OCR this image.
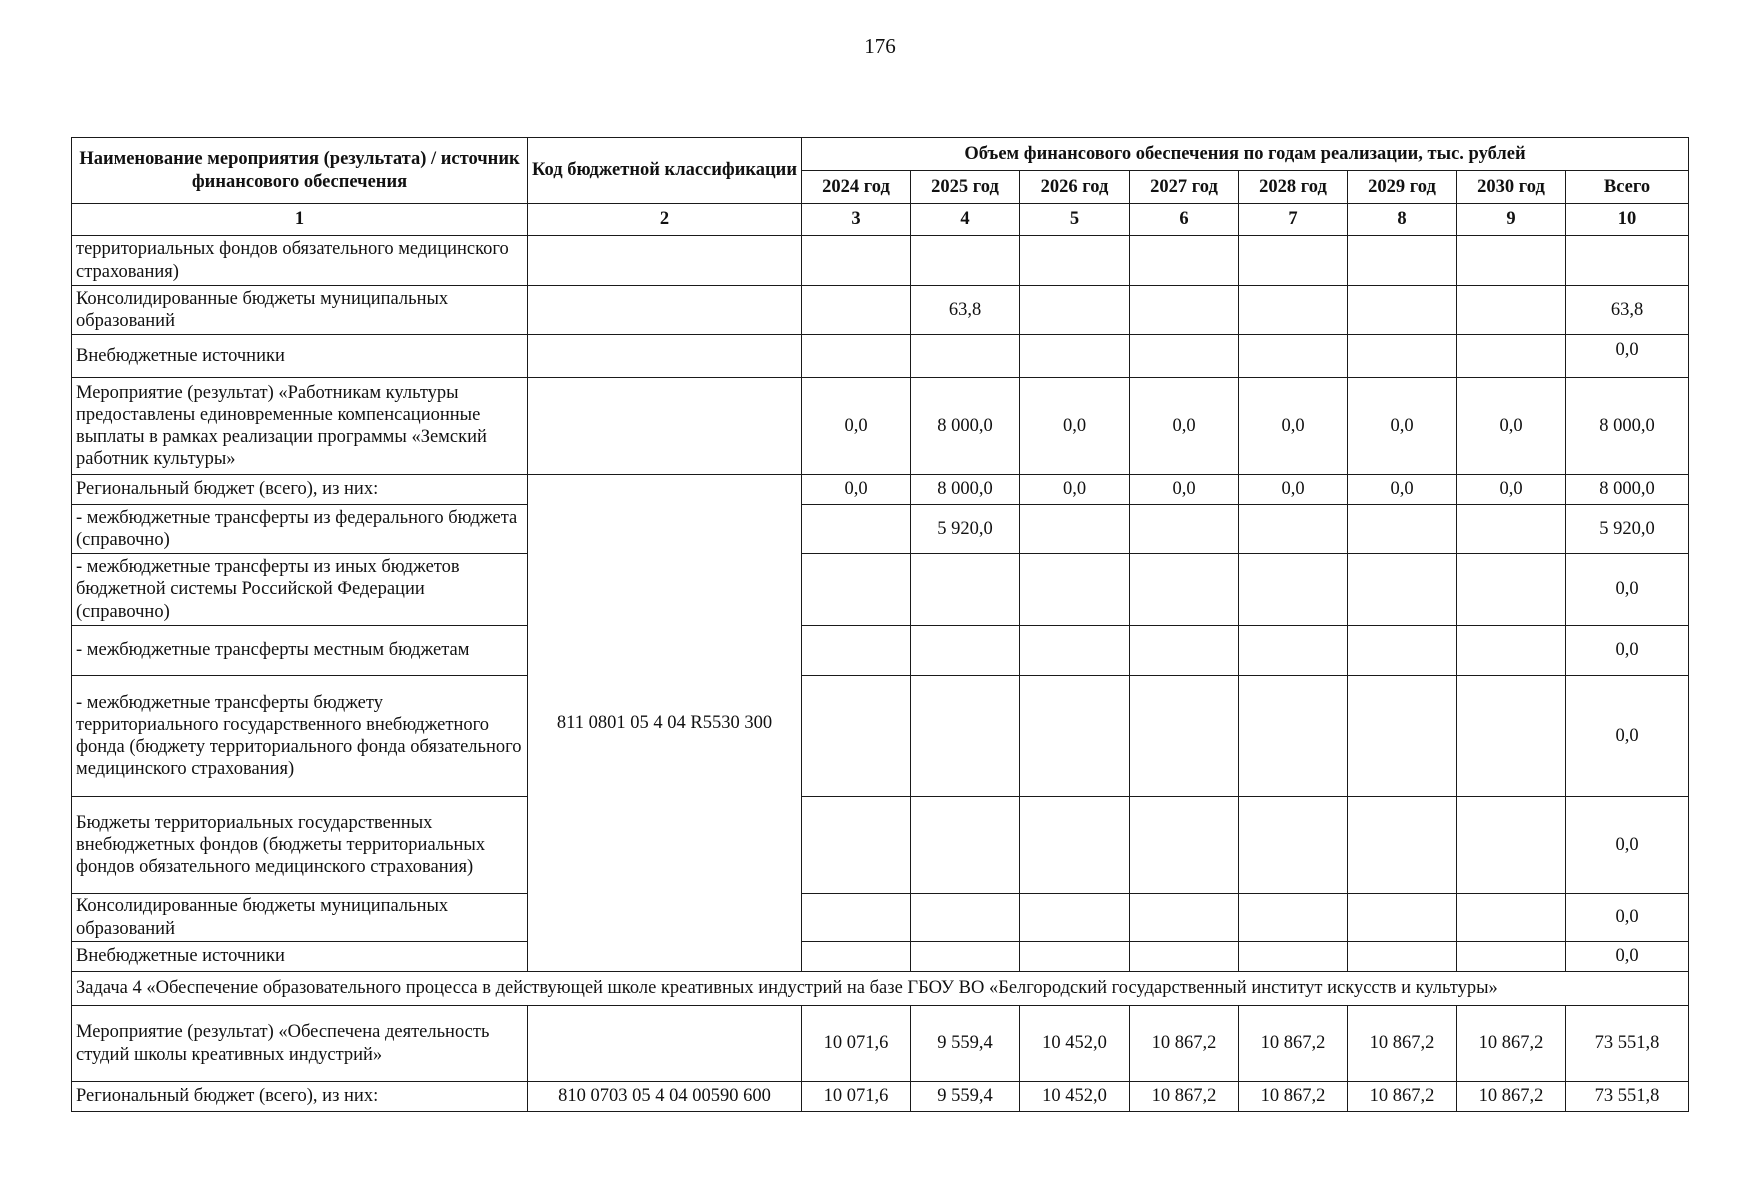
176
Наименование мероприятия (результата) / источник финансового обеспечения	Код бюджетной классификации	Объем финансового обеспечения по годам реализации, тыс. рублей							
		2024 год	2025 год	2026 год	2027 год	2028 год	2029 год	2030 год	Всего
1	2	3	4	5	6	7	8	9	10
территориальных фондов обязательного медицинского страхования)									
Консолидированные бюджеты муниципальных образований			63,8						63,8
Внебюджетные источники									0,0
Мероприятие (результат) «Работникам культуры предоставлены единовременные компенсационные выплаты в рамках реализации программы «Земский работник культуры»		0,0	8 000,0	0,0	0,0	0,0	0,0	0,0	8 000,0
Региональный бюджет (всего), из них:	811 0801 05 4 04 R5530 300	0,0	8 000,0	0,0	0,0	0,0	0,0	0,0	8 000,0
- межбюджетные трансферты из федерального бюджета (справочно)			5 920,0						5 920,0
- межбюджетные трансферты из иных бюджетов бюджетной системы Российской Федерации (справочно)									0,0
- межбюджетные трансферты местным бюджетам									0,0
- межбюджетные трансферты бюджету территориального государственного внебюджетного фонда (бюджету территориального фонда обязательного медицинского страхования)									0,0
Бюджеты территориальных государственных внебюджетных фондов (бюджеты территориальных фондов обязательного медицинского страхования)									0,0
Консолидированные бюджеты муниципальных образований									0,0
Внебюджетные источники									0,0
Задача 4 «Обеспечение образовательного процесса в действующей школе креативных индустрий на базе ГБОУ ВО «Белгородский государственный институт искусств и культуры»									
Мероприятие (результат) «Обеспечена деятельность студий школы креативных индустрий»		10 071,6	9 559,4	10 452,0	10 867,2	10 867,2	10 867,2	10 867,2	73 551,8
Региональный бюджет (всего), из них:	810 0703 05 4 04 00590 600	10 071,6	9 559,4	10 452,0	10 867,2	10 867,2	10 867,2	10 867,2	73 551,8
